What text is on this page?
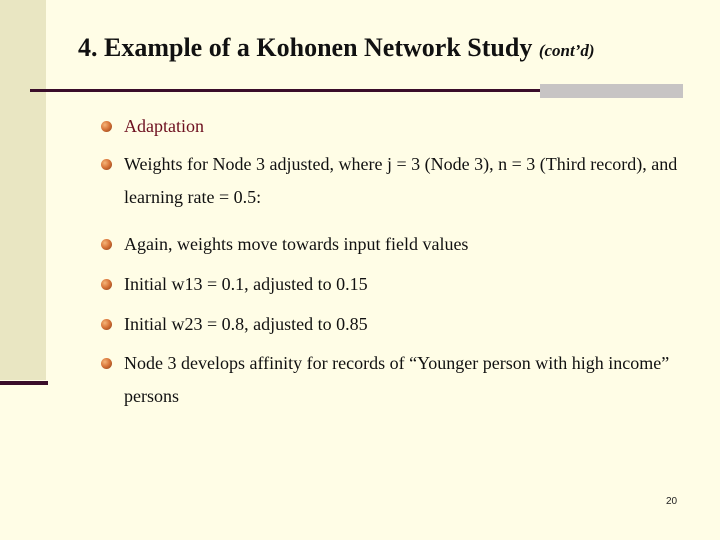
4. Example of a Kohonen Network Study (cont’d)
Adaptation
Weights for Node 3 adjusted, where j = 3 (Node 3), n = 3 (Third record), and learning rate = 0.5:
Again, weights move towards input field values
Initial w13 = 0.1, adjusted to 0.15
Initial w23 = 0.8, adjusted to 0.85
Node 3 develops affinity for records of “Younger person with high income” persons
20
